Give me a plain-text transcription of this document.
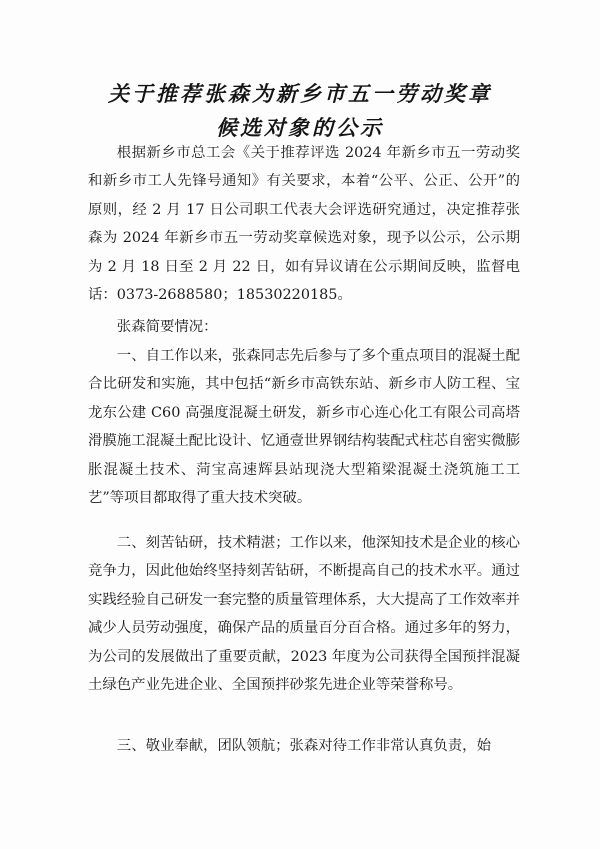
关于推荐张森为新乡市五一劳动奖章
候选对象的公示

根据新乡市总工会《关于推荐评选 2024 年新乡市五一劳动奖和新乡市工人先锋号通知》有关要求，本着“公平、公正、公开”的原则，经 2 月 17 日公司职工代表大会评选研究通过，决定推荐张森为 2024 年新乡市五一劳动奖章候选对象，现予以公示，公示期为 2 月 18 日至 2 月 22 日，如有异议请在公示期间反映，监督电话：0373-2688580；18530220185。

张森简要情况：

一、自工作以来，张森同志先后参与了多个重点项目的混凝土配合比研发和实施，其中包括“新乡市高铁东站、新乡市人防工程、宝龙东公建 C60 高强度混凝土研发，新乡市心连心化工有限公司高塔滑膜施工混凝土配比设计、忆通壹世界钢结构装配式柱芯自密实微膨胀混凝土技术、菏宝高速辉县站现浇大型箱梁混凝土浇筑施工工艺”等项目都取得了重大技术突破。

二、刻苦钻研，技术精湛；工作以来，他深知技术是企业的核心竞争力，因此他始终坚持刻苦钻研，不断提高自己的技术水平。通过实践经验自己研发一套完整的质量管理体系，大大提高了工作效率并减少人员劳动强度，确保产品的质量百分百合格。通过多年的努力，为公司的发展做出了重要贡献，2023 年度为公司获得全国预拌混凝土绿色产业先进企业、全国预拌砂浆先进企业等荣誉称号。

三、敬业奉献，团队领航；张森对待工作非常认真负责，始
